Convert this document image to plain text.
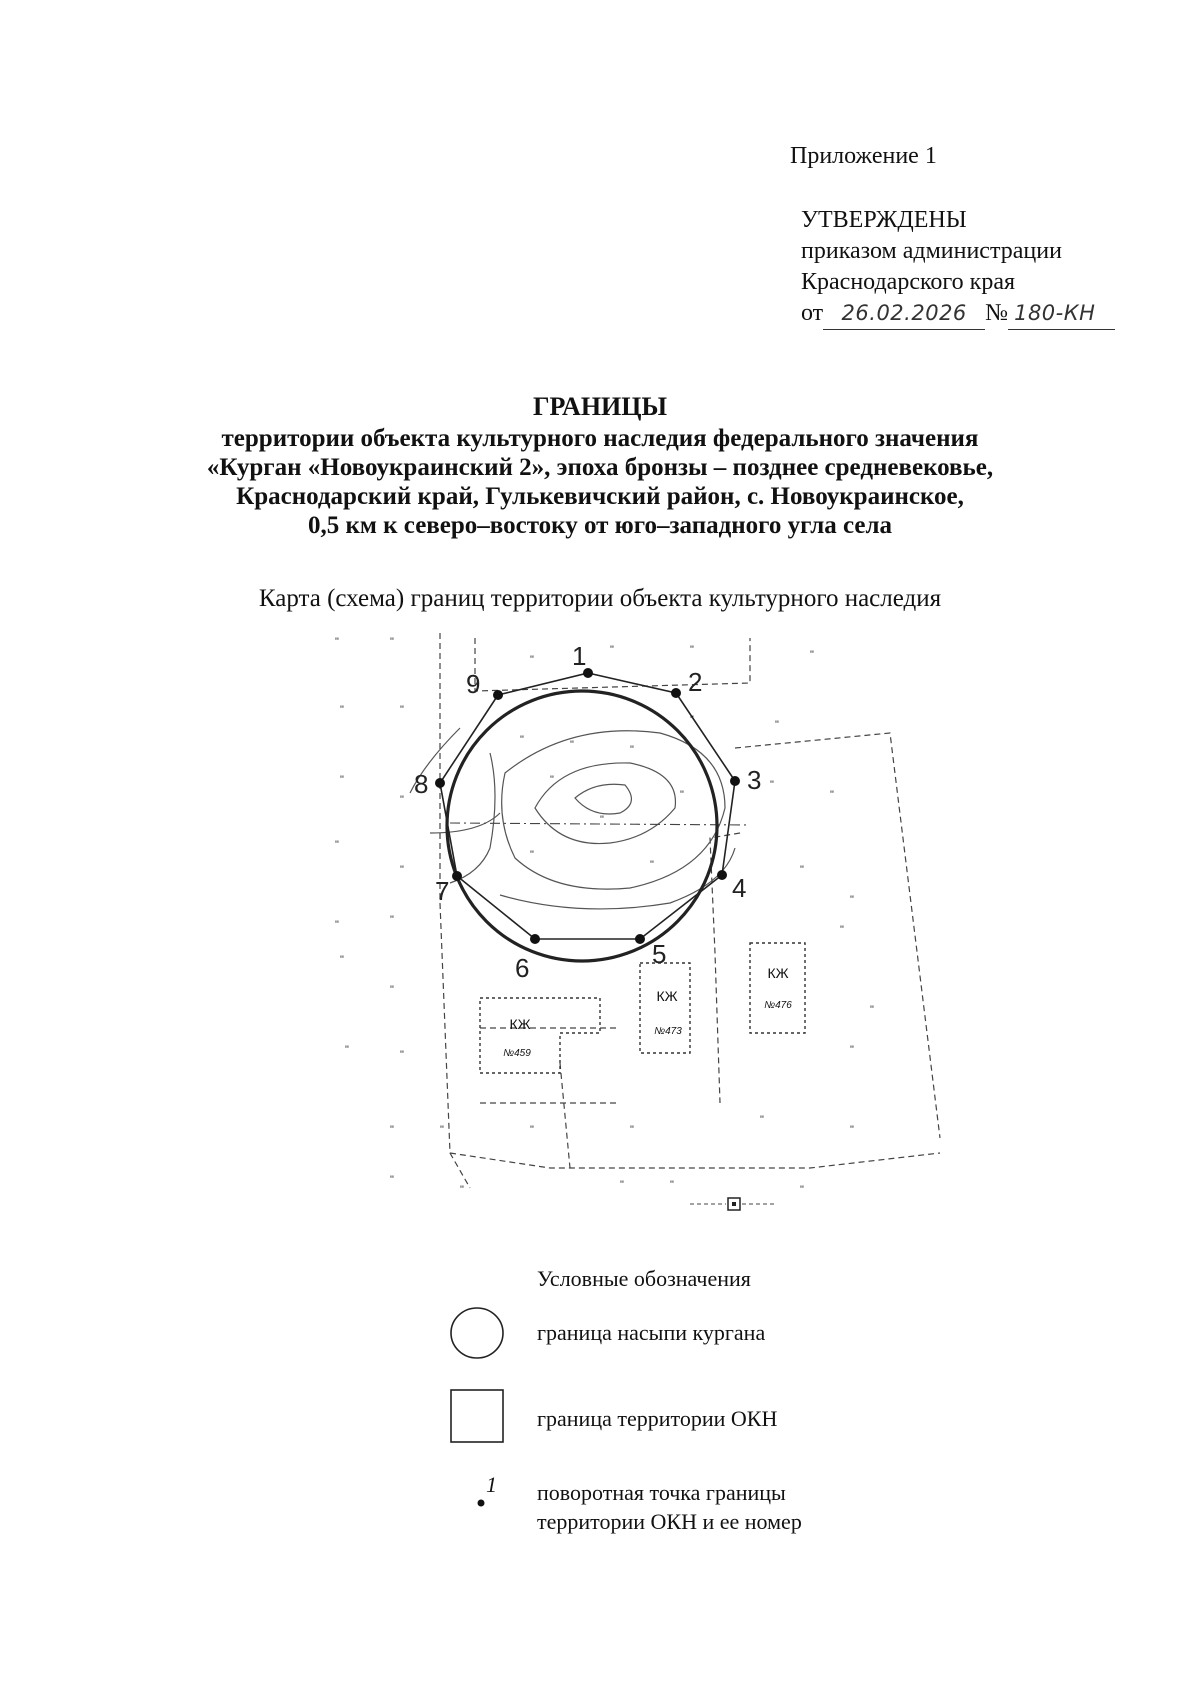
Приложение 1
УТВЕРЖДЕНЫ
приказом администрации
Краснодарского края
от 26.02.2026 № 180-КН
ГРАНИЦЫ
территории объекта культурного наследия федерального значения
«Курган «Новоукраинский 2», эпоха бронзы – позднее средневековье,
Краснодарский край, Гулькевичский район, с. Новоукраинское,
0,5 км к северо–востоку от юго–западного угла села
Карта (схема) границ территории объекта культурного наследия
КЖ
№459
КЖ
№473
КЖ
№476
"	"
"
"	"	"
"	"
"	"
"
"
"
"
"	"
"
"
"
"
"
"
"
"
"	"	"
"	"	"	"
"
"
"
"	"	"	"
"	"	"
"
"
"
"
"
1
2
3
4
5
6
7
8
9
Условные обозначения
1
граница насыпи кургана
граница территории ОКН
поворотная точка границы
территории ОКН и ее номер
